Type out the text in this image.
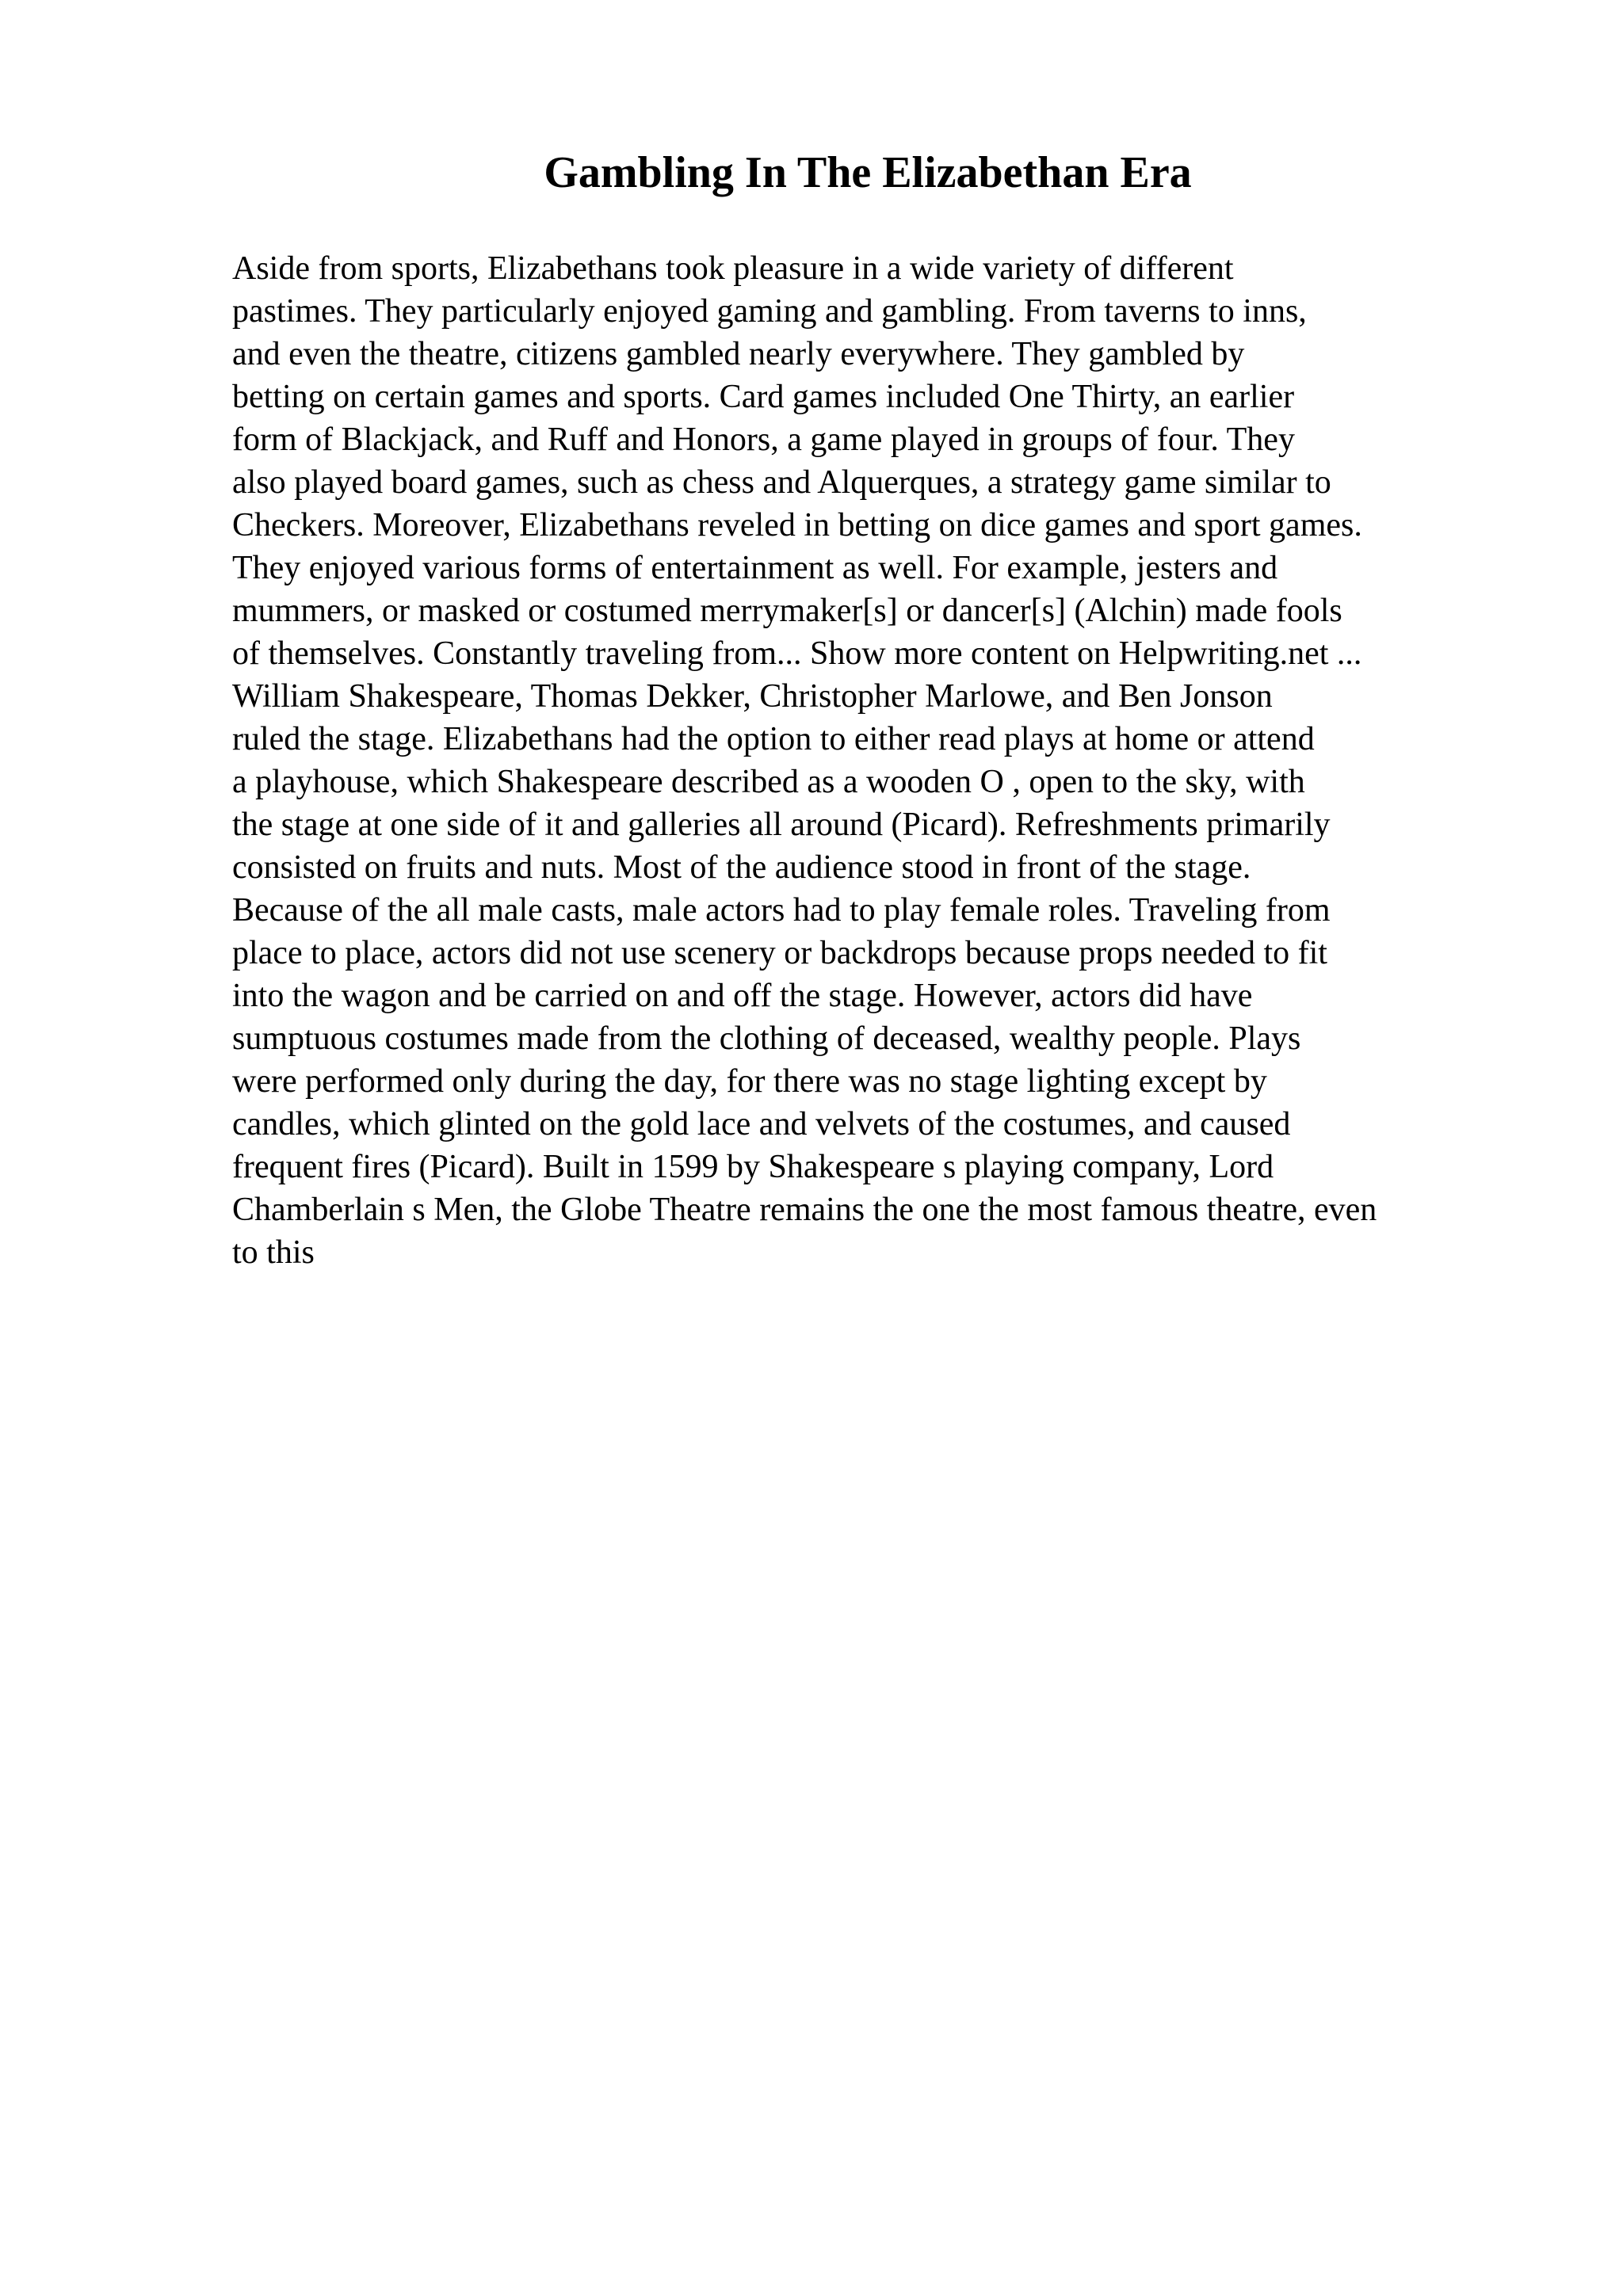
Gambling In The Elizabethan Era
Aside from sports, Elizabethans took pleasure in a wide variety of different
pastimes. They particularly enjoyed gaming and gambling. From taverns to inns,
and even the theatre, citizens gambled nearly everywhere. They gambled by
betting on certain games and sports. Card games included One Thirty, an earlier
form of Blackjack, and Ruff and Honors, a game played in groups of four. They
also played board games, such as chess and Alquerques, a strategy game similar to
Checkers. Moreover, Elizabethans reveled in betting on dice games and sport games.
They enjoyed various forms of entertainment as well. For example, jesters and
mummers, or masked or costumed merrymaker[s] or dancer[s] (Alchin) made fools
of themselves. Constantly traveling from... Show more content on Helpwriting.net ...
William Shakespeare, Thomas Dekker, Christopher Marlowe, and Ben Jonson
ruled the stage. Elizabethans had the option to either read plays at home or attend
a playhouse, which Shakespeare described as a wooden O , open to the sky, with
the stage at one side of it and galleries all around (Picard). Refreshments primarily
consisted on fruits and nuts. Most of the audience stood in front of the stage.
Because of the all male casts, male actors had to play female roles. Traveling from
place to place, actors did not use scenery or backdrops because props needed to fit
into the wagon and be carried on and off the stage. However, actors did have
sumptuous costumes made from the clothing of deceased, wealthy people. Plays
were performed only during the day, for there was no stage lighting except by
candles, which glinted on the gold lace and velvets of the costumes, and caused
frequent fires (Picard). Built in 1599 by Shakespeare s playing company, Lord
Chamberlain s Men, the Globe Theatre remains the one the most famous theatre, even
to this
